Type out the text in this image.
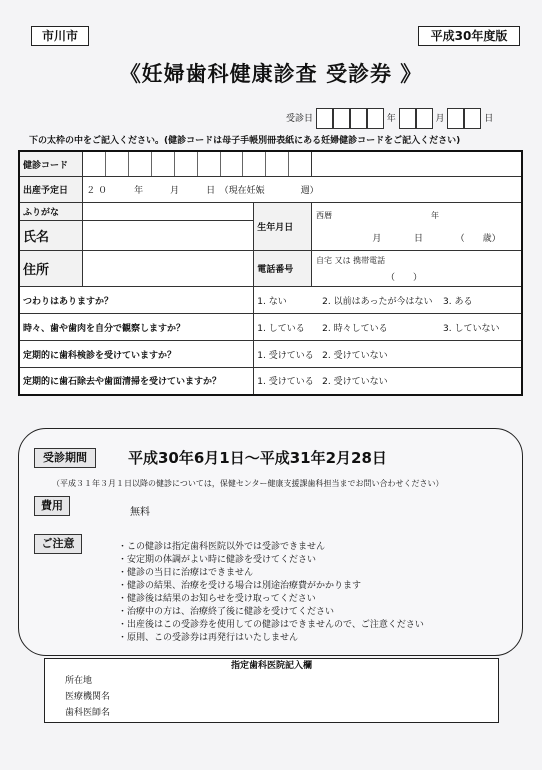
市川市	平成30年度版
《妊婦歯科健康診査 受診券 》
受診日	年	月	日
下の太枠の中をご記入ください。(健診コードは母子手帳別冊表紙にある妊婦健診コードをご記入ください)
健診コード		

出産予定日	２ ０　　　年　　　月　　　日　（現在妊娠　　　　週）		
ふりがな		生年月日	西暦 年
月 日 （　　歳）

氏名			
住所		電話番号	自宅 又は 携帯電話
（　　）

つわりはありますか？		1. ない 2. 以前はあったが今はない 3. ある	
時々、歯や歯肉を自分で観察しますか？		1. している 2. 時々している 3. していない	
定期的に歯科検診を受けていますか？		1. 受けている 2. 受けていない	
定期的に歯石除去や歯面清掃を受けていますか？		1. 受けている 2. 受けていない	
受診期間	平成30年6月1日～平成31年2月28日
（平成３１年３月１日以降の健診については，保健センター健康支援課歯科担当までお問い合わせください）
費用
無料
ご注意	・この健診は指定歯科医院以外では受診できません
・安定期の体調がよい時に健診を受けてください
・健診の当日に治療はできません
・健診の結果、治療を受ける場合は別途治療費がかかります
・健診後は結果のお知らせを受け取ってください
・治療中の方は、治療終了後に健診を受けてください
・出産後はこの受診券を使用しての健診はできませんので、ご注意ください
・原則、この受診券は再発行はいたしません
指定歯科医院記入欄
所在地
医療機関名
歯科医師名
